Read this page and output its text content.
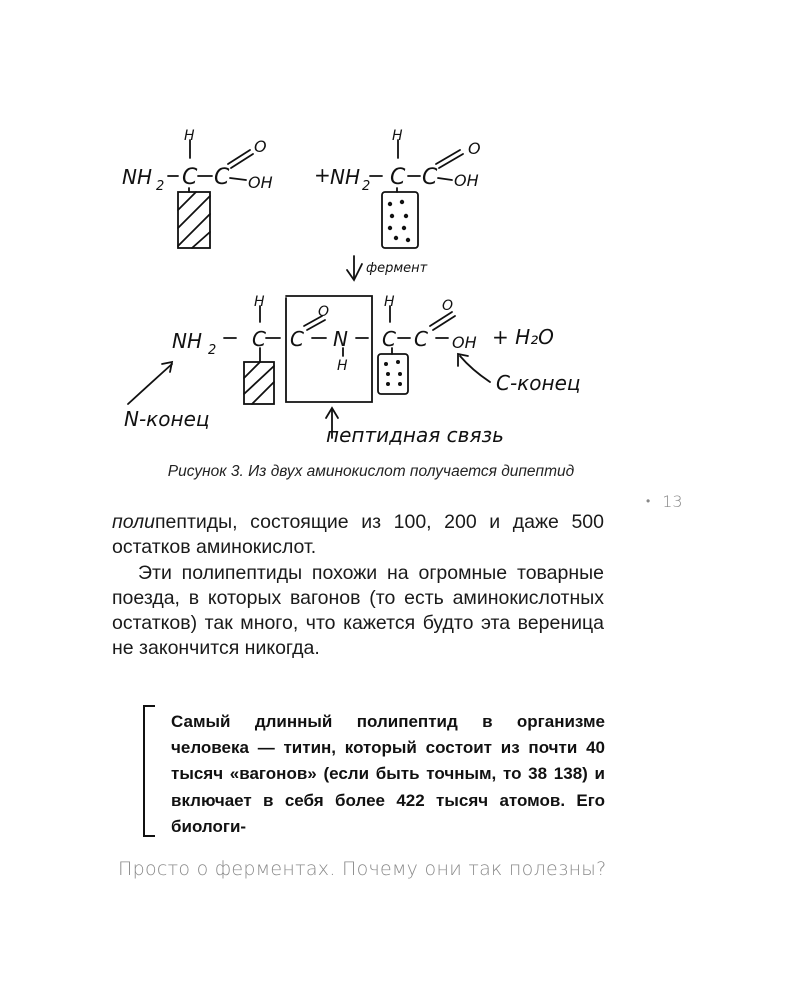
NH 2 C
H
C
O
OH + NH 2 C
H
C
O
OH
фермент
NH 2 C
H
C
O
N
H
C
H
C
O
OH + H₂O
C-конец
N-конец
пептидная связь
Рисунок 3. Из двух аминокислот получается дипептид
• 13

полипептиды, состоящие из 100, 200 и даже 500 остатков аминокислот.

Эти полипептиды похожи на огромные товарные поезда, в которых вагонов (то есть аминокислотных остатков) так много, что кажется будто эта вереница не закончится никогда.

Самый длинный полипептид в организме человека — титин, который состоит из почти 40 тысяч «вагонов» (если быть точным, то 38 138) и включает в себя более 422 тысяч атомов. Его биологи-
Просто о ферментах. Почему они так полезны?
